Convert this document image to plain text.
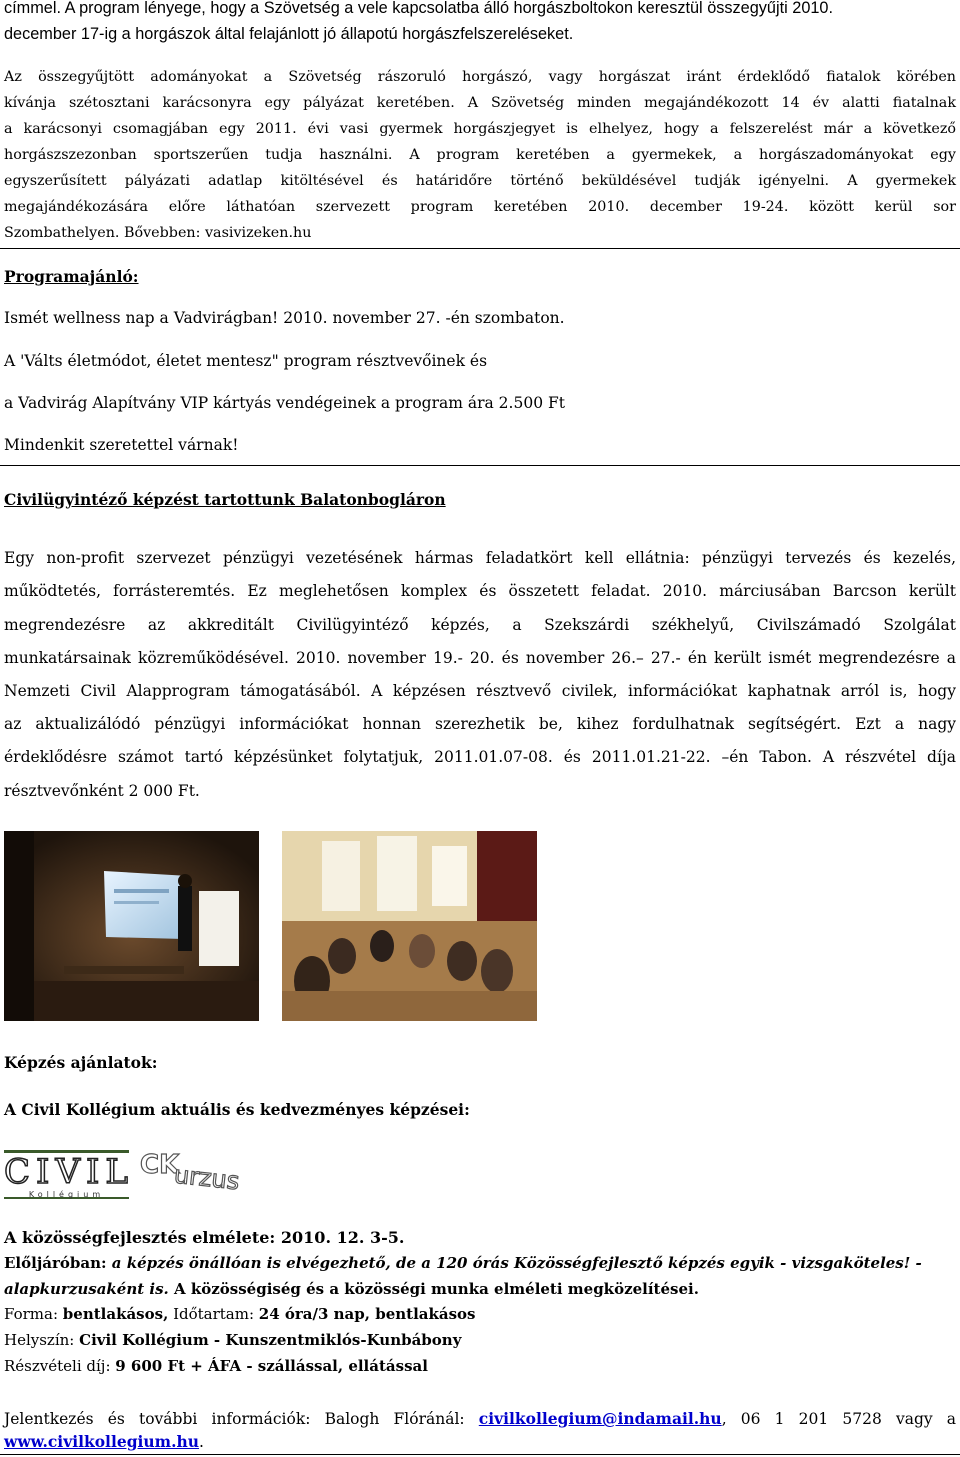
címmel. A program lényege, hogy a Szövetség a vele kapcsolatba álló horgászboltokon keresztül összegyűjti 2010.

december 17-ig a horgászok által felajánlott jó állapotú horgászfelszereléseket.

Az összegyűjtött adományokat a Szövetség rászoruló horgászó, vagy horgászat iránt érdeklődő fiatalok körében

kívánja szétosztani karácsonyra egy pályázat keretében. A Szövetség minden megajándékozott 14 év alatti fiatalnak

a karácsonyi csomagjában egy 2011. évi vasi gyermek horgászjegyet is elhelyez, hogy a felszerelést már a következő

horgászszezonban sportszerűen tudja használni. A program keretében a gyermekek, a horgászadományokat egy

egyszerűsített pályázati adatlap kitöltésével és határidőre történő beküldésével tudják igényelni. A gyermekek

megajándékozására előre láthatóan szervezett program keretében 2010. december 19-24. között kerül sor

Szombathelyen. Bővebben: vasivizeken.hu

Programajánló:

Ismét wellness nap a Vadvirágban! 2010. november 27. -én szombaton.

A 'Válts életmódot, életet mentesz" program résztvevőinek és

a Vadvirág Alapítvány VIP kártyás vendégeinek a program ára 2.500 Ft

Mindenkit szeretettel várnak!

Civilügyintéző képzést tartottunk Balatonbogláron

Egy non-profit szervezet pénzügyi vezetésének hármas feladatkört kell ellátnia: pénzügyi tervezés és kezelés,

működtetés, forrásteremtés. Ez meglehetősen komplex és összetett feladat. 2010. márciusában Barcson került

megrendezésre az akkreditált Civilügyintéző képzés, a Szekszárdi székhelyű, Civilszámadó Szolgálat

munkatársainak közreműködésével. 2010. november 19.- 20. és november 26.– 27.- én került ismét megrendezésre a

Nemzeti Civil Alapprogram támogatásából. A képzésen résztvevő civilek, információkat kaphatnak arról is, hogy

az aktualizálódó pénzügyi információkat honnan szerezhetik be, kihez fordulhatnak segítségért. Ezt a nagy

érdeklődésre számot tartó képzésünket folytatjuk, 2011.01.07-08. és 2011.01.21-22. –én Tabon. A részvétel díja

résztvevőnként 2 000 Ft.

Képzés ajánlatok:

A Civil Kollégium aktuális és kedvezményes képzései:

CIVIL
Kollégium
CK
urzus

A közösségfejlesztés elmélete: 2010. 12. 3-5.

Előljáróban: a képzés önállóan is elvégezhető, de a 120 órás Közösségfejlesztő képzés egyik - vizsgaköteles! -

alapkurzusaként is. A közösségiség és a közösségi munka elméleti megközelítései.

Forma: bentlakásos, Időtartam: 24 óra/3 nap, bentlakásos

Helyszín: Civil Kollégium - Kunszentmiklós-Kunbábony

Részvételi díj: 9 600 Ft + ÁFA - szállással, ellátással

Jelentkezés és további információk: Balogh Flóránál: civilkollegium@indamail.hu, 06 1 201 5728 vagy a

www.civilkollegium.hu.
